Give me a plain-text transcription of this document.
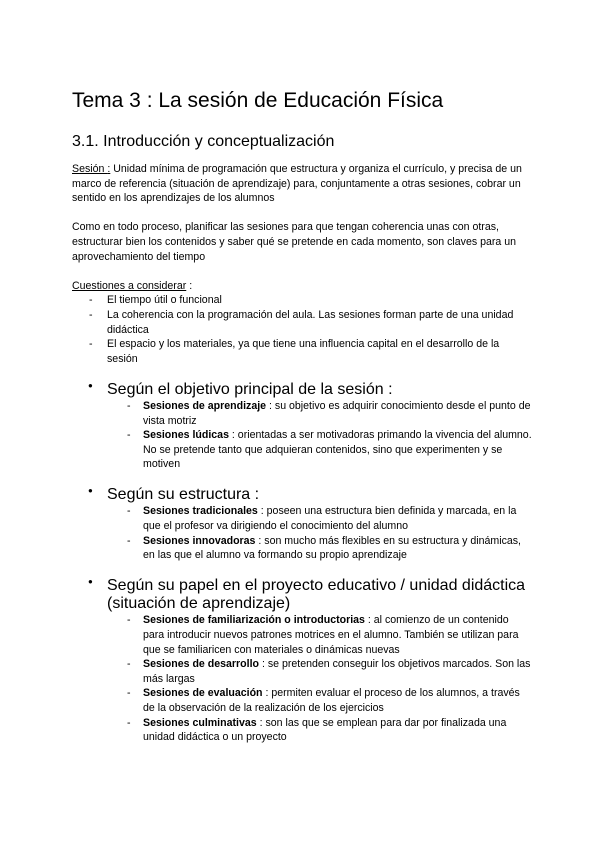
Tema 3 : La sesión de Educación Física
3.1. Introducción y conceptualización

Sesión : Unidad mínima de programación que estructura y organiza el currículo, y precisa de un marco de referencia (situación de aprendizaje) para, conjuntamente a otras sesiones, cobrar un sentido en los aprendizajes de los alumnos

Como en todo proceso, planificar las sesiones para que tengan coherencia unas con otras, estructurar bien los contenidos y saber qué se pretende en cada momento, son claves para un aprovechamiento del tiempo

Cuestiones a considerar :

- El tiempo útil o funcional
- La coherencia con la programación del aula. Las sesiones forman parte de una unidad didáctica
- El espacio y los materiales, ya que tiene una influencia capital en el desarrollo de la sesión
● Según el objetivo principal de la sesión :
- Sesiones de aprendizaje : su objetivo es adquirir conocimiento desde el punto de vista motriz
- Sesiones lúdicas : orientadas a ser motivadoras primando la vivencia del alumno. No se pretende tanto que adquieran contenidos, sino que experimenten y se motiven
● Según su estructura :
- Sesiones tradicionales : poseen una estructura bien definida y marcada, en la que el profesor va dirigiendo el conocimiento del alumno
- Sesiones innovadoras : son mucho más flexibles en su estructura y dinámicas, en las que el alumno va formando su propio aprendizaje
● Según su papel en el proyecto educativo / unidad didáctica (situación de aprendizaje)
- Sesiones de familiarización o introductorias : al comienzo de un contenido para introducir nuevos patrones motrices en el alumno. También se utilizan para que se familiaricen con materiales o dinámicas nuevas
- Sesiones de desarrollo : se pretenden conseguir los objetivos marcados. Son las más largas
- Sesiones de evaluación : permiten evaluar el proceso de los alumnos, a través de la observación de la realización de los ejercicios
- Sesiones culminativas : son las que se emplean para dar por finalizada una unidad didáctica o un proyecto
